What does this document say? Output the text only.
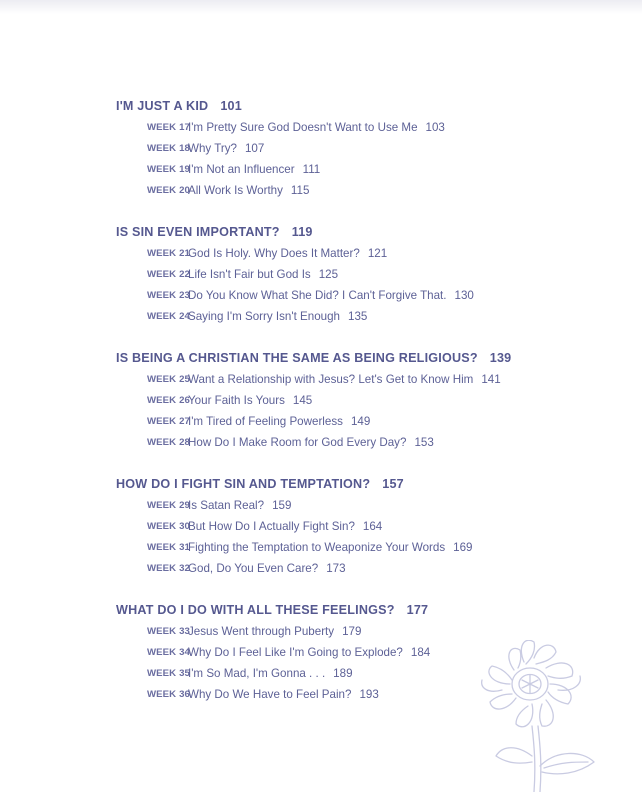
I'M JUST A KID 101
WEEK 17
I'm Pretty Sure God Doesn't Want to Use Me 103
WEEK 18
Why Try? 107
WEEK 19
I'm Not an Influencer 111
WEEK 20
All Work Is Worthy 115
IS SIN EVEN IMPORTANT? 119
WEEK 21
God Is Holy. Why Does It Matter? 121
WEEK 22
Life Isn't Fair but God Is 125
WEEK 23
Do You Know What She Did? I Can't Forgive That. 130
WEEK 24
Saying I'm Sorry Isn't Enough 135
IS BEING A CHRISTIAN THE SAME AS BEING RELIGIOUS? 139
WEEK 25
Want a Relationship with Jesus? Let's Get to Know Him 141
WEEK 26
Your Faith Is Yours 145
WEEK 27
I'm Tired of Feeling Powerless 149
WEEK 28
How Do I Make Room for God Every Day? 153
HOW DO I FIGHT SIN AND TEMPTATION? 157
WEEK 29
Is Satan Real? 159
WEEK 30
But How Do I Actually Fight Sin? 164
WEEK 31
Fighting the Temptation to Weaponize Your Words 169
WEEK 32
God, Do You Even Care? 173
WHAT DO I DO WITH ALL THESE FEELINGS? 177
WEEK 33
Jesus Went through Puberty 179
WEEK 34
Why Do I Feel Like I'm Going to Explode? 184
WEEK 35
I'm So Mad, I'm Gonna . . . 189
WEEK 36
Why Do We Have to Feel Pain? 193
